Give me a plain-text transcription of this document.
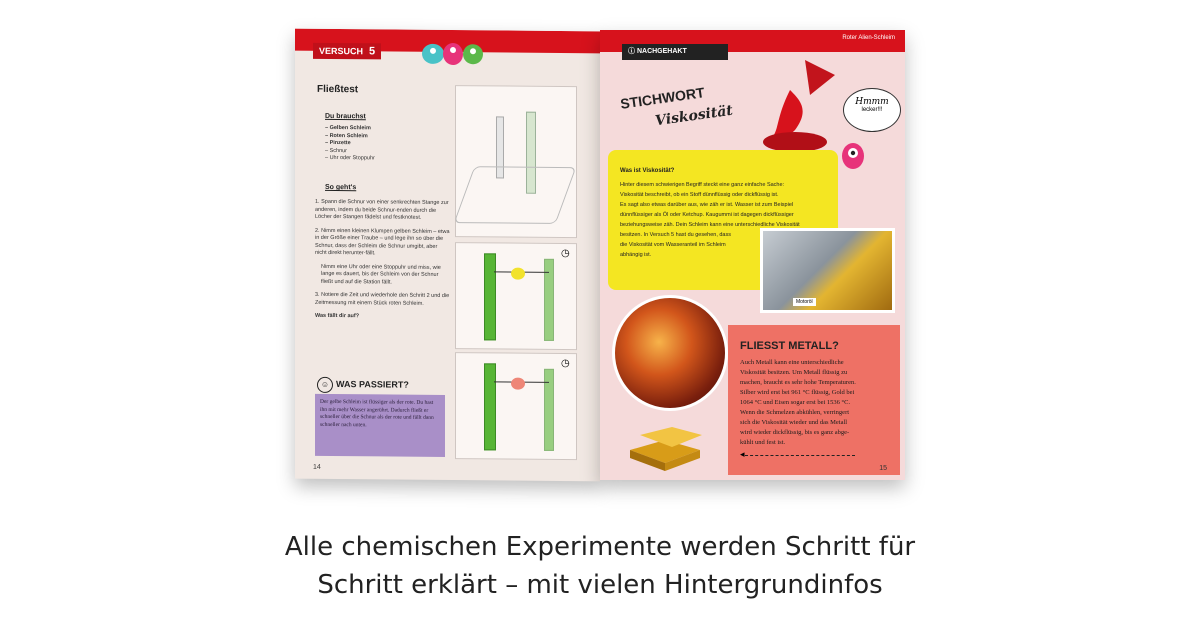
VERSUCH 5
Fließtest
Du brauchst
– Gelben Schleim
– Roten Schleim
– Pinzette
– Schnur
– Uhr oder Stoppuhr
So geht's
1. Spann die Schnur von einer senkrechten Stange zur anderen, indem du beide Schnur-enden durch die Löcher der Stangen fädelst und festknotest.
2. Nimm einen kleinen Klumpen gelben Schleim – etwa in der Größe einer Traube – und lege ihn so über die Schnur, dass der Schleim die Schnur umgibt, aber nicht direkt herunter-fällt.
Nimm eine Uhr oder eine Stoppuhr und miss, wie lange es dauert, bis der Schleim von der Schnur fließt und auf die Station fällt.
3. Notiere die Zeit und wiederhole den Schritt 2 und die Zeitmessung mit einem Stück roten Schleim.
Was fällt dir auf?
◷
◷
☺ WAS PASSIERT?
Der gelbe Schleim ist flüssiger als der rote. Du hast ihn mit mehr Wasser angerührt. Dadurch fließt er schneller über die Schnur als der rote und fällt dann schneller nach unten.
14
ⓘ NACHGEHAKT
Roter Alien-Schleim
STICHWORT
Viskosität
Hmmm
lecker!!!
Was ist Viskosität?
Hinter diesem schwierigen Begriff steckt eine ganz einfache Sache:
Viskosität beschreibt, ob ein Stoff dünnflüssig oder dickflüssig ist.
Es sagt also etwas darüber aus, wie zäh er ist. Wasser ist zum Beispiel
dünnflüssiger als Öl oder Ketchup. Kaugummi ist dagegen dickflüssiger
beziehungsweise zäh. Dein Schleim kann eine unterschiedliche Viskosität
besitzen. In Versuch 5 hast du gesehen, dass
die Viskosität vom Wasseranteil im Schleim
abhängig ist.
Motoröl
FLIESST METALL?
Auch Metall kann eine unterschiedliche
Viskosität besitzen. Um Metall flüssig zu
machen, braucht es sehr hohe Temperaturen.
Silber wird erst bei 961 °C flüssig, Gold bei
1064 °C und Eisen sogar erst bei 1536 °C.
Wenn die Schmelzen abkühlen, verringert
sich die Viskosität wieder und das Metall
wird wieder dickflüssig, bis es ganz abge-
kühlt und fest ist.
◂
15
Alle chemischen Experimente werden Schritt für
Schritt erklärt – mit vielen Hintergrundinfos
